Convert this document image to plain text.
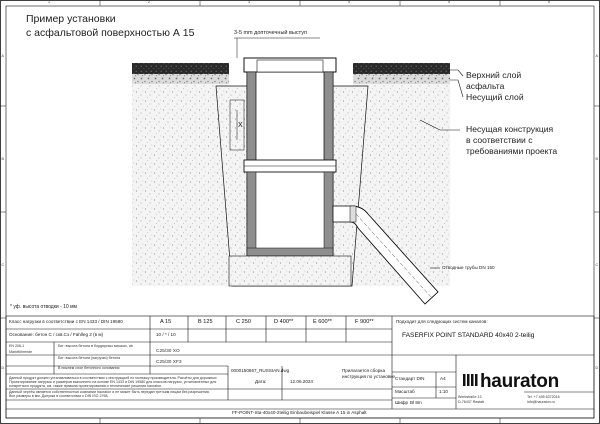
X
Пример установки
с асфальтовой поверхностью А 15	3-5 mm допточечный выступ
Верхний слой
асфальта
Несущий слой
Несущая конструкция
в соответствии с
требованиями проекта
Отводные трубы DN 150
* уф. высота отводки - 10 мм
1	2	3	4	5	6
A
B
C
D
A
B
C
D
Класс нагрузки в соответствии с EN 1433 / DIN 19580	A 15	B 125	C 250	D 400**	E 600**	F 900**
Основание: бетон C / скв.Сз / Fahlleg 2 (в м)	10 / * / 10
EN 206-1	Бег: высота бетона в бордюрных мешках, ab
Marktführende
Бег: высота бетона (нагрузки) бетона
C25/30 XO
В нижнем слое бетонного основания
C25/30 XF3
Данный продукт должен устанавливаться в соответствии с инструкцией по монтажу производителя. Расчёты для дорожных
Проектирование нагрузок и размеров выполнено на основе EN 1433 и DIN 19580 для классов нагрузок, установленных для
конкретного продукта, см. также правила проектирования и технические решения hauraton.
Данный чертёж является собственностью компании hauraton и не может быть передан третьим лицам без разрешения.
Все размеры в мм. Допуски в соответствии с DIN ISO 2768.
Подходит для следующих систем каналов:
FASERFIX POINT STANDARD 40x40 2-teilig
0000150667_RUSSIAN.dwg
Дата:	12.06.2024
Прилагается сборка
инструкция по установке.
Стандарт DIN	A4
Масштаб	1:10
Шифр Bl 8m
FF-POINT-Sta-40x40-2teilig Einbaubeispiel Klasse A 15 in Asphalt
hauraton
Werkstraße 13
D-76437 Rastatt
Tel. +7 495 6372016
info@hauraton.ru
